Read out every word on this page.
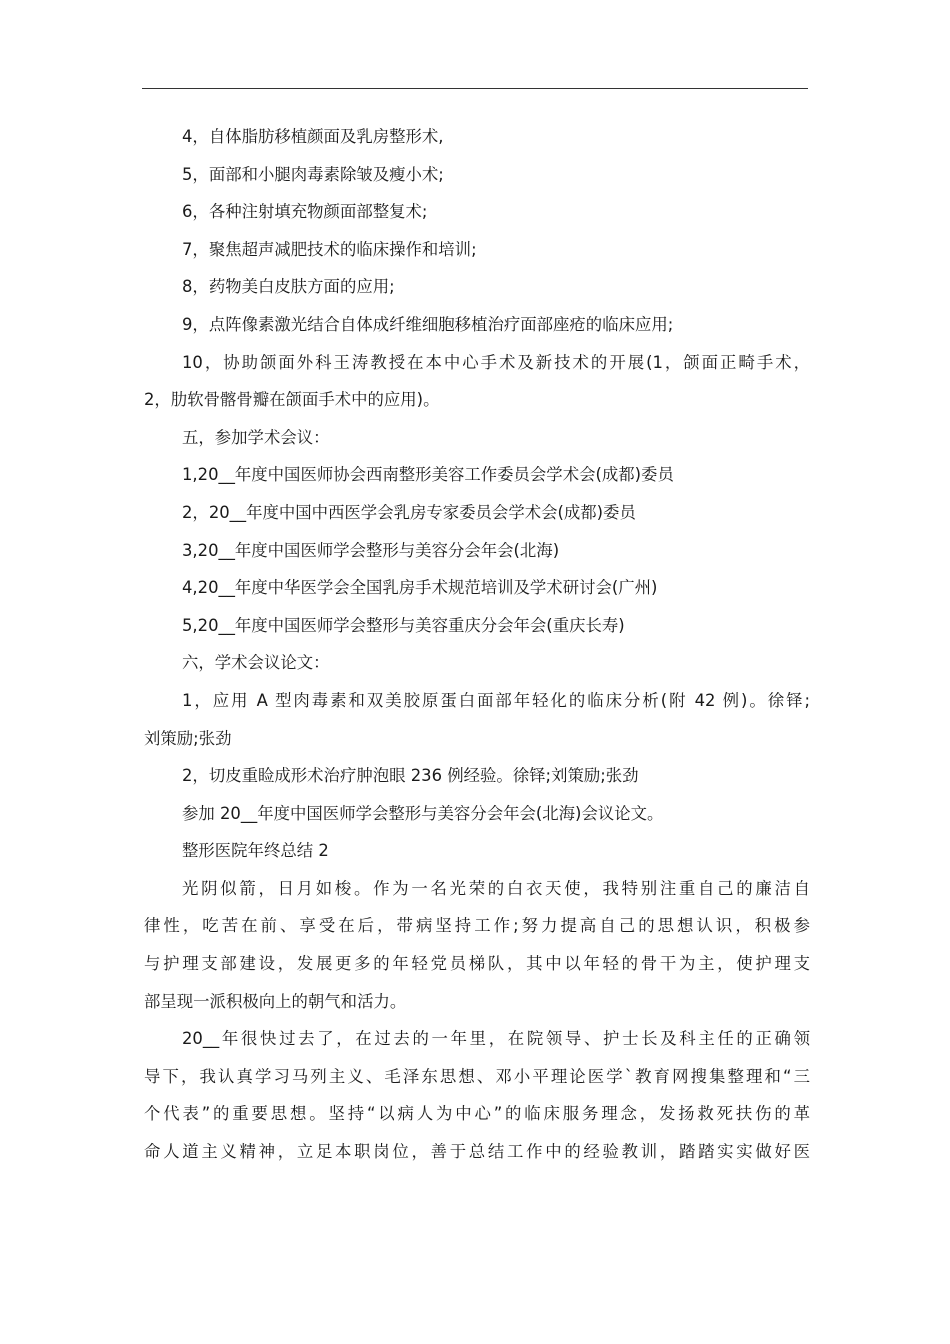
4，自体脂肪移植颜面及乳房整形术,
5，面部和小腿肉毒素除皱及瘦小术;
6，各种注射填充物颜面部整复术;
7，聚焦超声减肥技术的临床操作和培训;
8，药物美白皮肤方面的应用;
9，点阵像素激光结合自体成纤维细胞移植治疗面部座疮的临床应用;
10，协助颌面外科王涛教授在本中心手术及新技术的开展(1，颌面正畸手术，
2，肋软骨髂骨瓣在颌面手术中的应用)。
五，参加学术会议：
1,20__年度中国医师协会西南整形美容工作委员会学术会(成都)委员
2，20__年度中国中西医学会乳房专家委员会学术会(成都)委员
3,20__年度中国医师学会整形与美容分会年会(北海)
4,20__年度中华医学会全国乳房手术规范培训及学术研讨会(广州)
5,20__年度中国医师学会整形与美容重庆分会年会(重庆长寿)
六，学术会议论文：
1，应用 A 型肉毒素和双美胶原蛋白面部年轻化的临床分析(附 42 例)。徐铎;
刘策励;张劲
2，切皮重睑成形术治疗肿泡眼 236 例经验。徐铎;刘策励;张劲
参加 20__年度中国医师学会整形与美容分会年会(北海)会议论文。
整形医院年终总结 2
光阴似箭，日月如梭。作为一名光荣的白衣天使，我特别注重自己的廉洁自
律性，吃苦在前、享受在后，带病坚持工作;努力提高自己的思想认识，积极参
与护理支部建设，发展更多的年轻党员梯队，其中以年轻的骨干为主，使护理支
部呈现一派积极向上的朝气和活力。
20__年很快过去了，在过去的一年里，在院领导、护士长及科主任的正确领
导下，我认真学习马列主义、毛泽东思想、邓小平理论医学`教育网搜集整理和“三
个代表”的重要思想。坚持“以病人为中心”的临床服务理念，发扬救死扶伤的革
命人道主义精神，立足本职岗位，善于总结工作中的经验教训，踏踏实实做好医
